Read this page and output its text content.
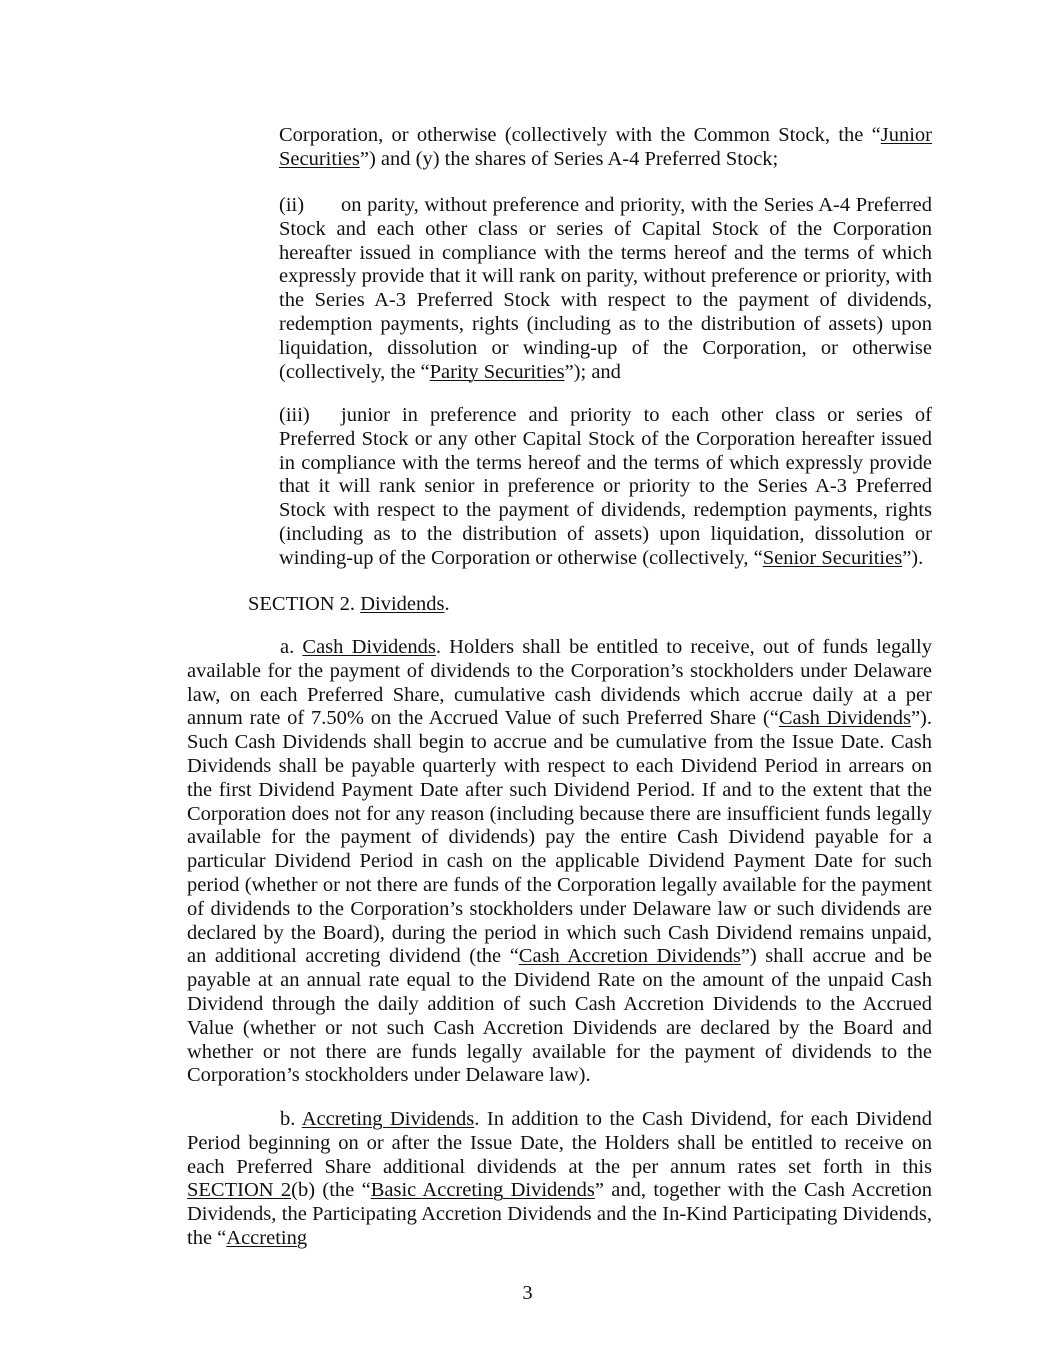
Corporation, or otherwise (collectively with the Common Stock, the “Junior Securities”) and (y) the shares of Series A-4 Preferred Stock;

(ii) on parity, without preference and priority, with the Series A-4 Preferred Stock and each other class or series of Capital Stock of the Corporation hereafter issued in compliance with the terms hereof and the terms of which expressly provide that it will rank on parity, without preference or priority, with the Series A-3 Preferred Stock with respect to the payment of dividends, redemption payments, rights (including as to the distribution of assets) upon liquidation, dissolution or winding-up of the Corporation, or otherwise (collectively, the “Parity Securities”); and

(iii) junior in preference and priority to each other class or series of Preferred Stock or any other Capital Stock of the Corporation hereafter issued in compliance with the terms hereof and the terms of which expressly provide that it will rank senior in preference or priority to the Series A-3 Preferred Stock with respect to the payment of dividends, redemption payments, rights (including as to the distribution of assets) upon liquidation, dissolution or winding-up of the Corporation or otherwise (collectively, “Senior Securities”).

SECTION 2. Dividends.

a. Cash Dividends. Holders shall be entitled to receive, out of funds legally available for the payment of dividends to the Corporation’s stockholders under Delaware law, on each Preferred Share, cumulative cash dividends which accrue daily at a per annum rate of 7.50% on the Accrued Value of such Preferred Share (“Cash Dividends”). Such Cash Dividends shall begin to accrue and be cumulative from the Issue Date. Cash Dividends shall be payable quarterly with respect to each Dividend Period in arrears on the first Dividend Payment Date after such Dividend Period. If and to the extent that the Corporation does not for any reason (including because there are insufficient funds legally available for the payment of dividends) pay the entire Cash Dividend payable for a particular Dividend Period in cash on the applicable Dividend Payment Date for such period (whether or not there are funds of the Corporation legally available for the payment of dividends to the Corporation’s stockholders under Delaware law or such dividends are declared by the Board), during the period in which such Cash Dividend remains unpaid, an additional accreting dividend (the “Cash Accretion Dividends”) shall accrue and be payable at an annual rate equal to the Dividend Rate on the amount of the unpaid Cash Dividend through the daily addition of such Cash Accretion Dividends to the Accrued Value (whether or not such Cash Accretion Dividends are declared by the Board and whether or not there are funds legally available for the payment of dividends to the Corporation’s stockholders under Delaware law).

b. Accreting Dividends. In addition to the Cash Dividend, for each Dividend Period beginning on or after the Issue Date, the Holders shall be entitled to receive on each Preferred Share additional dividends at the per annum rates set forth in this SECTION 2(b) (the “Basic Accreting Dividends” and, together with the Cash Accretion Dividends, the Participating Accretion Dividends and the In-Kind Participating Dividends, the “Accreting

3
